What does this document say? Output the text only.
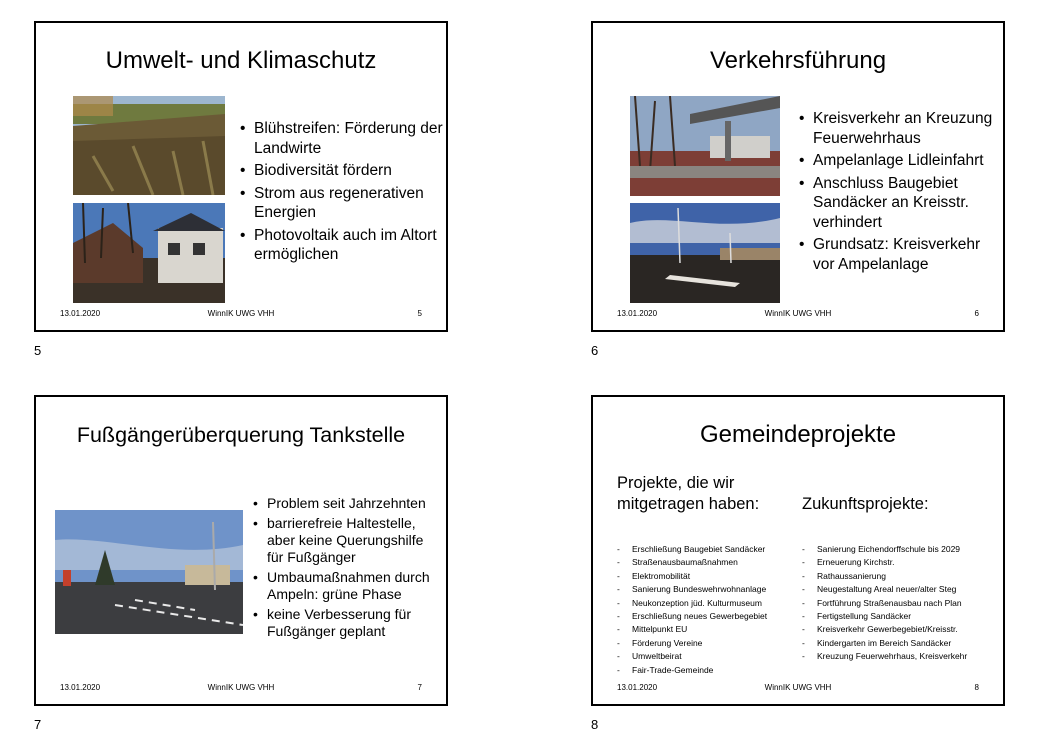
Umwelt- und Klimaschutz
• Blühstreifen: Förderung der Landwirte
• Biodiversität fördern
• Strom aus regenerativen Energien
• Photovoltaik auch im Altort ermöglichen
13.01.2020	WinnIK UWG VHH	5
5
Verkehrsführung
• Kreisverkehr an Kreuzung Feuerwehrhaus
• Ampelanlage Lidleinfahrt
• Anschluss Baugebiet Sandäcker an Kreisstr. verhindert
• Grundsatz: Kreisverkehr vor Ampelanlage
13.01.2020	WinnIK UWG VHH	6
6
Fußgängerüberquerung Tankstelle
• Problem seit Jahrzehnten
• barrierefreie Haltestelle, aber keine Querungshilfe für Fußgänger
• Umbaumaßnahmen durch Ampeln: grüne Phase
• keine Verbesserung für Fußgänger geplant
13.01.2020	WinnIK UWG VHH	7
7
Gemeindeprojekte
Projekte, die wir mitgetragen haben:	Zukunftsprojekte:
- Erschließung Baugebiet Sandäcker
- Straßenausbaumaßnahmen
- Elektromobilität
- Sanierung Bundeswehrwohnanlage
- Neukonzeption jüd. Kulturmuseum
- Erschließung neues Gewerbegebiet
- Mittelpunkt EU
- Förderung Vereine
- Umweltbeirat
- Fair-Trade-Gemeinde
- Sanierung Eichendorffschule bis 2029
- Erneuerung Kirchstr.
- Rathaussanierung
- Neugestaltung Areal neuer/alter Steg
- Fortführung Straßenausbau nach Plan
- Fertigstellung Sandäcker
- Kreisverkehr Gewerbegebiet/Kreisstr.
- Kindergarten im Bereich Sandäcker
- Kreuzung Feuerwehrhaus, Kreisverkehr
13.01.2020	WinnIK UWG VHH	8
8
